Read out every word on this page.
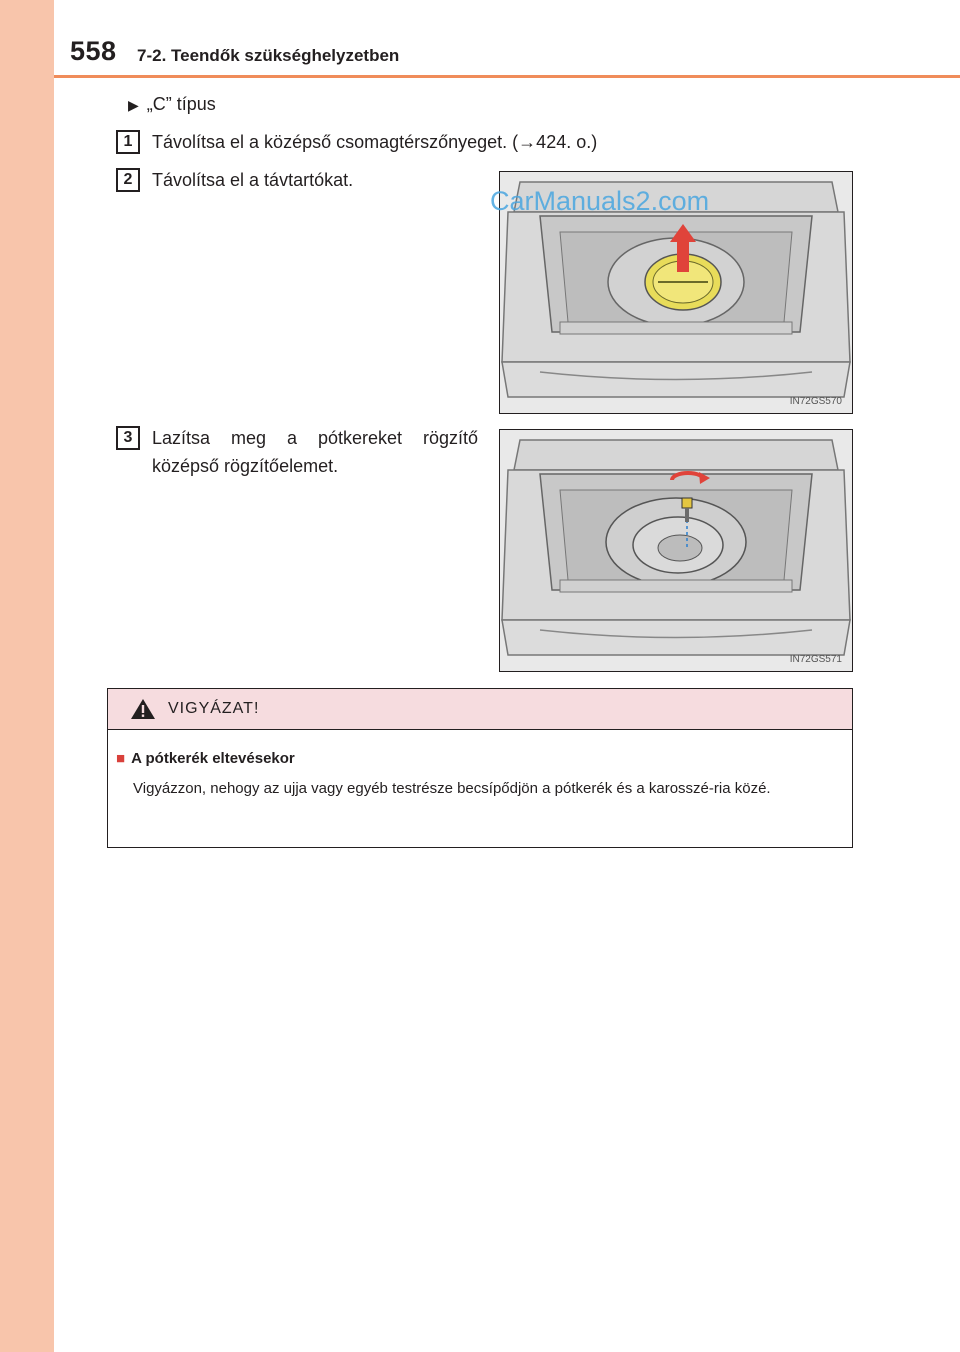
558 7-2. Teendők szükséghelyzetben
▶ „C” típus
1	Távolítsa el a középső csomagtérszőnyeget. (→424. o.)
2	Távolítsa el a távtartókat.
3	Lazítsa meg a pótkereket rögzítő középső rögzítőelemet.
IN72GS570
IN72GS571
CarManuals2.com
VIGYÁZAT!
■ A pótkerék eltevésekor
Vigyázzon, nehogy az ujja vagy egyéb testrésze becsípődjön a pótkerék és a karosszé-ria közé.
